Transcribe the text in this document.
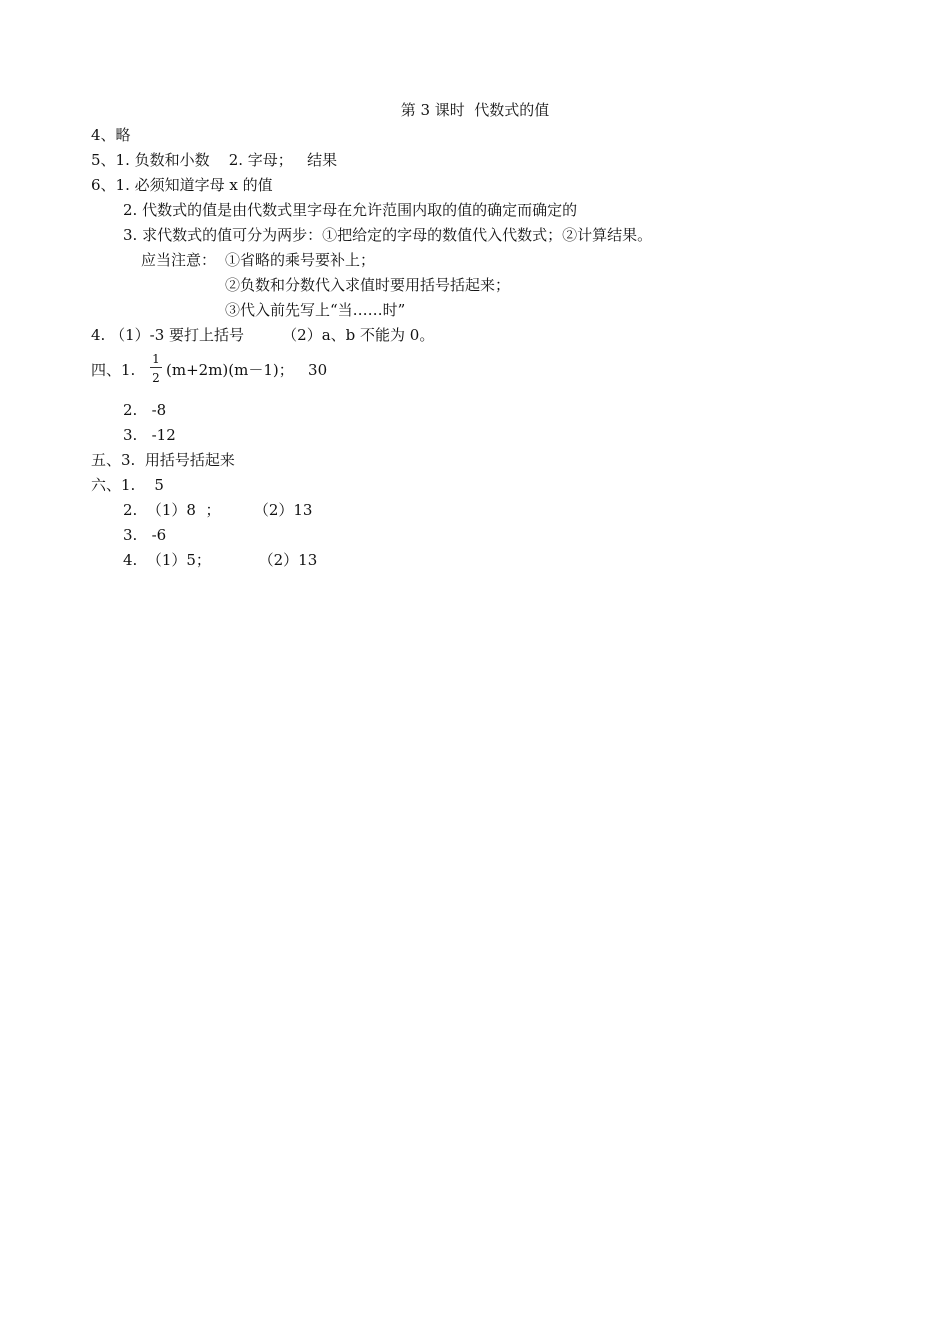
第 3 课时  代数式的值
4、略
5、1. 负数和小数    2. 字母；   结果
6、1. 必须知道字母 x 的值
2. 代数式的值是由代数式里字母在允许范围内取的值的确定而确定的
3. 求代数式的值可分为两步：①把给定的字母的数值代入代数式；②计算结果。
应当注意： ①省略的乘号要补上；
②负数和分数代入求值时要用括号括起来；
③代入前先写上“当……时”
4. （1）-3 要打上括号        （2）a、b 不能为 0。
四、1.
1
2 (m+2m)(m－1)；   30
2.   -8
3.   -12
五、3.  用括号括起来
六、1.    5
2.  （1）8  ；       （2）13
3.   -6
4.  （1）5；          （2）13
